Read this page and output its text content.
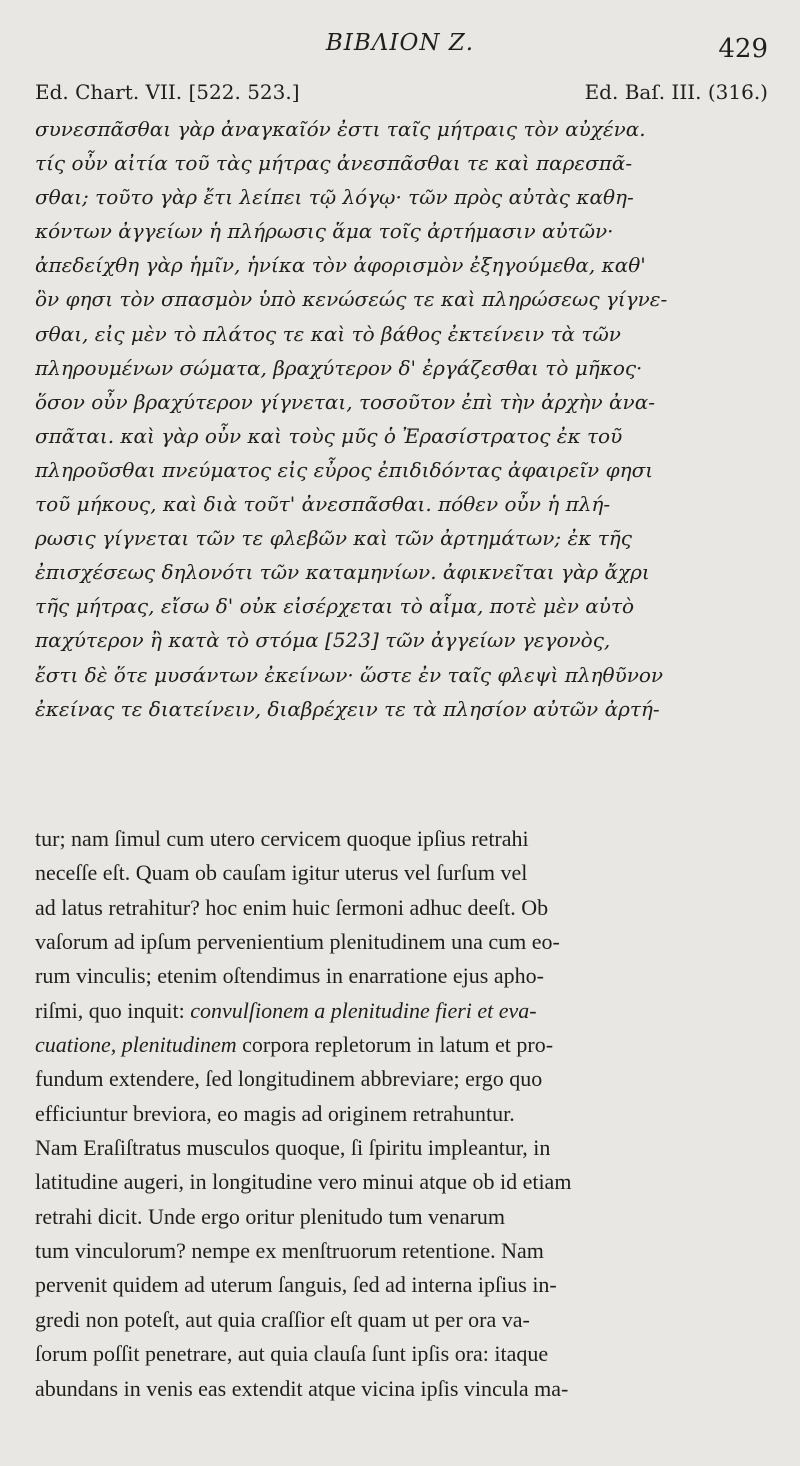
ΒΙΒΛΙΟΝ Ζ.	429
Ed. Chart. VII. [522. 523.]	Ed. Baſ. III. (316.)
συνεσπᾶσθαι γὰρ ἀναγκαῖόν ἐστι ταῖς μήτραις τὸν αὐχένα.
τίς οὖν αἰτία τοῦ τὰς μήτρας ἀνεσπᾶσθαι τε καὶ παρεσπᾶ-
σθαι; τοῦτο γὰρ ἔτι λείπει τῷ λόγῳ· τῶν πρὸς αὐτὰς καθη-
κόντων ἀγγείων ἡ πλήρωσις ἅμα τοῖς ἀρτήμασιν αὐτῶν·
ἀπεδείχθη γὰρ ἡμῖν, ἡνίκα τὸν ἀφορισμὸν ἐξηγούμεθα, καθ'
ὃν φησι τὸν σπασμὸν ὑπὸ κενώσεώς τε καὶ πληρώσεως γίγνε-
σθαι, εἰς μὲν τὸ πλάτος τε καὶ τὸ βάθος ἐκτείνειν τὰ τῶν
πληρουμένων σώματα, βραχύτερον δ' ἐργάζεσθαι τὸ μῆκος·
ὅσον οὖν βραχύτερον γίγνεται, τοσοῦτον ἐπὶ τὴν ἀρχὴν ἀνα-
σπᾶται. καὶ γὰρ οὖν καὶ τοὺς μῦς ὁ Ἐρασίστρατος ἐκ τοῦ
πληροῦσθαι πνεύματος εἰς εὖρος ἐπιδιδόντας ἀφαιρεῖν φησι
τοῦ μήκους, καὶ διὰ τοῦτ' ἀνεσπᾶσθαι. πόθεν οὖν ἡ πλή-
ρωσις γίγνεται τῶν τε φλεβῶν καὶ τῶν ἀρτημάτων; ἐκ τῆς
ἐπισχέσεως δηλονότι τῶν καταμηνίων. ἀφικνεῖται γὰρ ἄχρι
τῆς μήτρας, εἴσω δ' οὐκ εἰσέρχεται τὸ αἷμα, ποτὲ μὲν αὐτὸ
παχύτερον ἢ κατὰ τὸ στόμα [523] τῶν ἀγγείων γεγονὸς,
ἔστι δὲ ὅτε μυσάντων ἐκείνων· ὥστε ἐν ταῖς φλεψὶ πληθῦνον
ἐκείνας τε διατείνειν, διαβρέχειν τε τὰ πλησίον αὐτῶν ἀρτή-
tur; nam ſimul cum utero cervicem quoque ipſius retrahi
neceſſe eſt. Quam ob cauſam igitur uterus vel ſurſum vel
ad latus retrahitur? hoc enim huic ſermoni adhuc deeſt. Ob
vaſorum ad ipſum pervenientium plenitudinem una cum eo-
rum vinculis; etenim oſtendimus in enarratione ejus apho-
riſmi, quo inquit: convulſionem a plenitudine fieri et eva-
cuatione, plenitudinem corpora repletorum in latum et pro-
fundum extendere, ſed longitudinem abbreviare; ergo quo
efficiuntur breviora, eo magis ad originem retrahuntur.
Nam Eraſiſtratus musculos quoque, ſi ſpiritu impleantur, in
latitudine augeri, in longitudine vero minui atque ob id etiam
retrahi dicit. Unde ergo oritur plenitudo tum venarum
tum vinculorum? nempe ex menſtruorum retentione. Nam
pervenit quidem ad uterum ſanguis, ſed ad interna ipſius in-
gredi non poteſt, aut quia craſſior eſt quam ut per ora va-
ſorum poſſit penetrare, aut quia clauſa ſunt ipſis ora: itaque
abundans in venis eas extendit atque vicina ipſis vincula ma-
